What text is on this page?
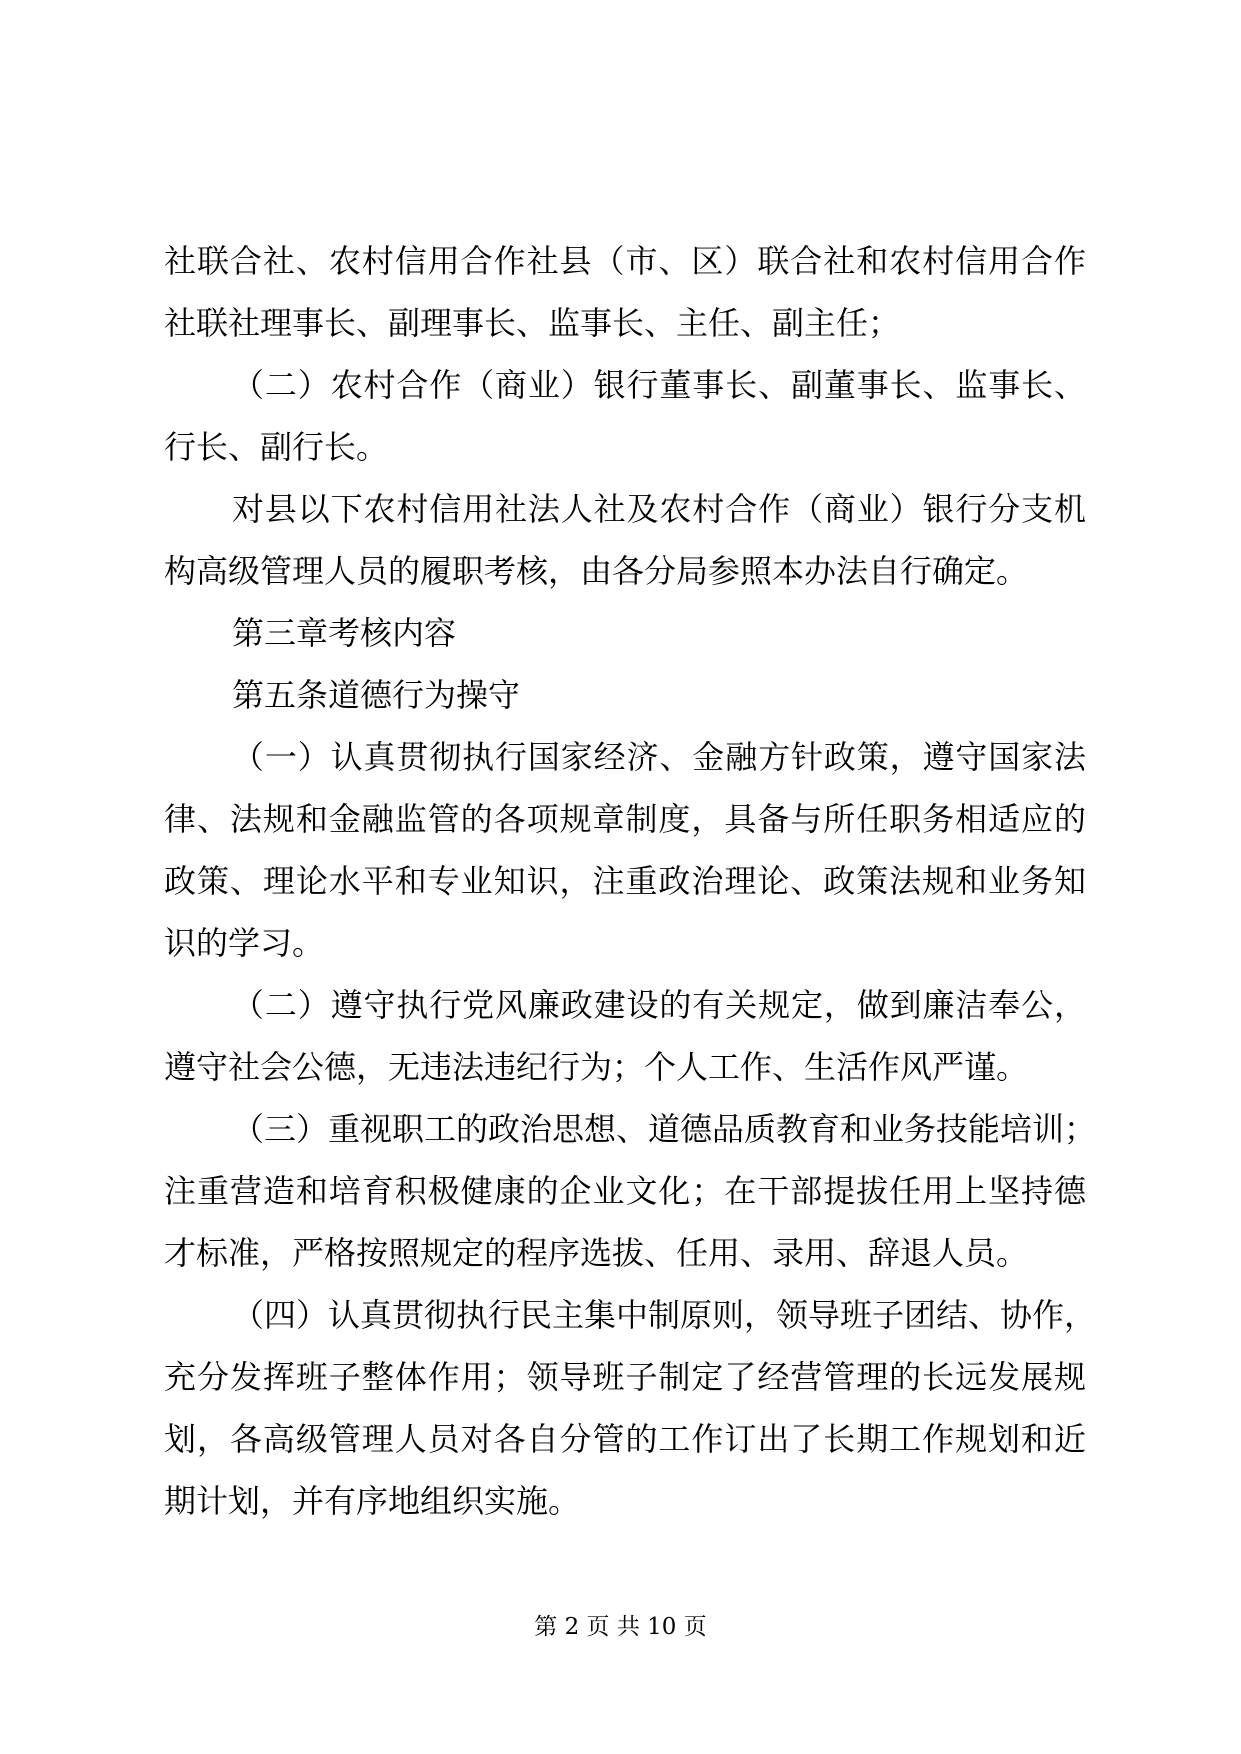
社联合社、农村信用合作社县（市、区）联合社和农村信用合作
社联社理事长、副理事长、监事长、主任、副主任；
（二）农村合作（商业）银行董事长、副董事长、监事长、
行长、副行长。
对县以下农村信用社法人社及农村合作（商业）银行分支机
构高级管理人员的履职考核，由各分局参照本办法自行确定。
第三章考核内容
第五条道德行为操守
（一）认真贯彻执行国家经济、金融方针政策，遵守国家法
律、法规和金融监管的各项规章制度，具备与所任职务相适应的
政策、理论水平和专业知识，注重政治理论、政策法规和业务知
识的学习。
（二）遵守执行党风廉政建设的有关规定，做到廉洁奉公，
遵守社会公德，无违法违纪行为；个人工作、生活作风严谨。
（三）重视职工的政治思想、道德品质教育和业务技能培训；
注重营造和培育积极健康的企业文化；在干部提拔任用上坚持德
才标准，严格按照规定的程序选拔、任用、录用、辞退人员。
（四）认真贯彻执行民主集中制原则，领导班子团结、协作，
充分发挥班子整体作用；领导班子制定了经营管理的长远发展规
划，各高级管理人员对各自分管的工作订出了长期工作规划和近
期计划，并有序地组织实施。
第 2 页 共 10 页
